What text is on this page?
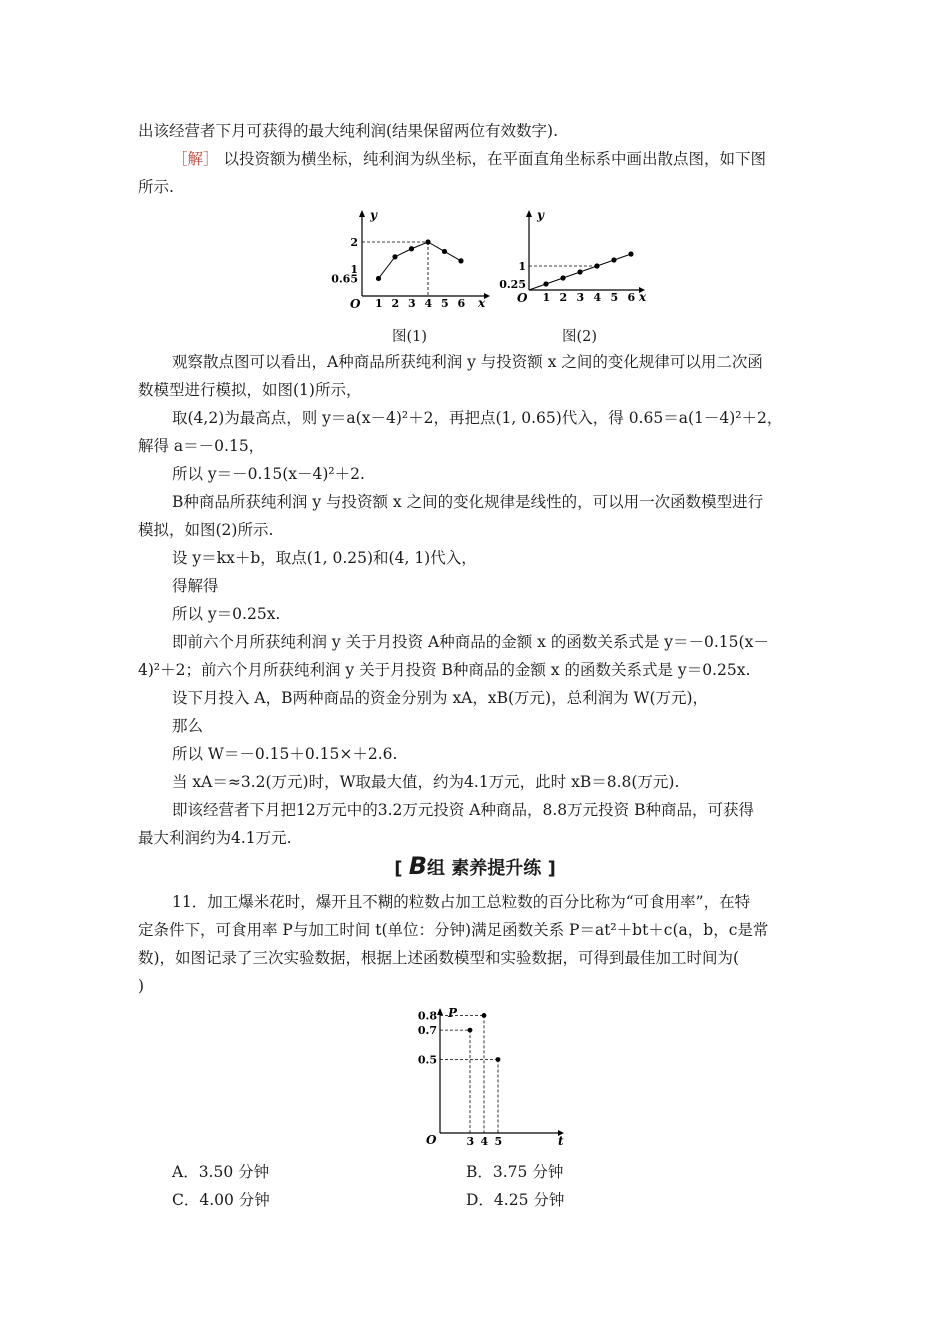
出该经营者下月可获得的最大纯利润(结果保留两位有效数字).
［解］ 以投资额为横坐标，纯利润为纵坐标，在平面直角坐标系中画出散点图，如下图
所示.
y
x
O 1 2 3 4 5 6
0.65
1
2
图(1)
y
x
O 1 2 3 4 5 6
0.25
1
图(2)
观察散点图可以看出，A种商品所获纯利润 y 与投资额 x 之间的变化规律可以用二次函
数模型进行模拟，如图(1)所示，
取(4,2)为最高点，则 y＝a(x－4)²＋2，再把点(1, 0.65)代入，得 0.65＝a(1－4)²＋2，
解得 a＝－0.15，
所以 y＝－0.15(x－4)²＋2.
B种商品所获纯利润 y 与投资额 x 之间的变化规律是线性的，可以用一次函数模型进行
模拟，如图(2)所示.
设 y＝kx＋b，取点(1, 0.25)和(4, 1)代入，
得解得
所以 y＝0.25x.
即前六个月所获纯利润 y 关于月投资 A种商品的金额 x 的函数关系式是 y＝－0.15(x－
4)²＋2；前六个月所获纯利润 y 关于月投资 B种商品的金额 x 的函数关系式是 y＝0.25x.
设下月投入 A，B两种商品的资金分别为 xA，xB(万元)，总利润为 W(万元)，
那么
所以 W＝－0.15＋0.15×＋2.6.
当 xA＝≈3.2(万元)时，W取最大值，约为4.1万元，此时 xB＝8.8(万元).
即该经营者下月把12万元中的3.2万元投资 A种商品，8.8万元投资 B种商品，可获得
最大利润约为4.1万元.
[ B组 素养提升练 ]
11．加工爆米花时，爆开且不糊的粒数占加工总粒数的百分比称为“可食用率”，在特
定条件下，可食用率 P与加工时间 t(单位：分钟)满足函数关系 P＝at²＋bt＋c(a，b，c是常
数)，如图记录了三次实验数据，根据上述函数模型和实验数据，可得到最佳加工时间为(
)
P
t
O	3 4 5
0.5
0.7
0.8
A．3.50 分钟	B．3.75 分钟
C．4.00 分钟	D．4.25 分钟
